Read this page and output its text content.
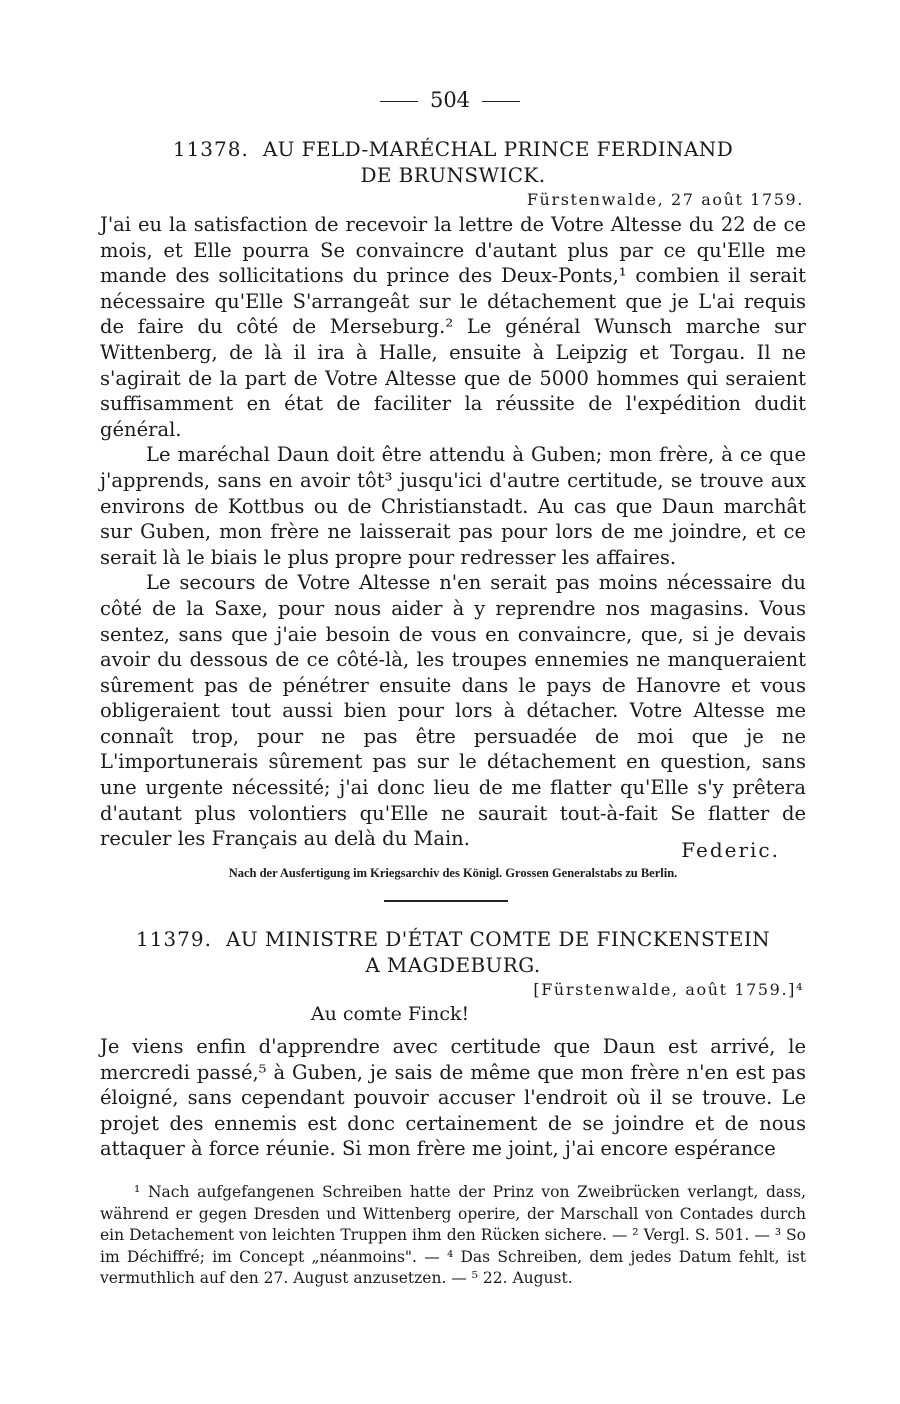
504
11378. AU FELD-MARÉCHAL PRINCE FERDINAND
DE BRUNSWICK.
Fürstenwalde, 27 août 1759.

J'ai eu la satisfaction de recevoir la lettre de Votre Altesse du 22 de ce mois, et Elle pourra Se convaincre d'autant plus par ce qu'Elle me mande des sollicitations du prince des Deux-Ponts,¹ combien il serait nécessaire qu'Elle S'arrangeât sur le détachement que je L'ai requis de faire du côté de Merseburg.² Le général Wunsch marche sur Wittenberg, de là il ira à Halle, ensuite à Leipzig et Torgau. Il ne s'agirait de la part de Votre Altesse que de 5000 hommes qui seraient suffisamment en état de faciliter la réussite de l'expédition dudit général.

Le maréchal Daun doit être attendu à Guben; mon frère, à ce que j'apprends, sans en avoir tôt³ jusqu'ici d'autre certitude, se trouve aux environs de Kottbus ou de Christianstadt. Au cas que Daun marchât sur Guben, mon frère ne laisserait pas pour lors de me joindre, et ce serait là le biais le plus propre pour redresser les affaires.

Le secours de Votre Altesse n'en serait pas moins nécessaire du côté de la Saxe, pour nous aider à y reprendre nos magasins. Vous sentez, sans que j'aie besoin de vous en convaincre, que, si je devais avoir du dessous de ce côté-là, les troupes ennemies ne manqueraient sûrement pas de pénétrer ensuite dans le pays de Hanovre et vous obligeraient tout aussi bien pour lors à détacher. Votre Altesse me connaît trop, pour ne pas être persuadée de moi que je ne L'importunerais sûrement pas sur le détachement en question, sans une urgente nécessité; j'ai donc lieu de me flatter qu'Elle s'y prêtera d'autant plus volontiers qu'Elle ne saurait tout-à-fait Se flatter de reculer les Français au delà du Main.	Federic.
Nach der Ausfertigung im Kriegsarchiv des Königl. Grossen Generalstabs zu Berlin.
11379. AU MINISTRE D'ÉTAT COMTE DE FINCKENSTEIN
A MAGDEBURG.
[Fürstenwalde, août 1759.]⁴
Au comte Finck!

Je viens enfin d'apprendre avec certitude que Daun est arrivé, le mercredi passé,⁵ à Guben, je sais de même que mon frère n'en est pas éloigné, sans cependant pouvoir accuser l'endroit où il se trouve. Le projet des ennemis est donc certainement de se joindre et de nous attaquer à force réunie. Si mon frère me joint, j'ai encore espérance

¹ Nach aufgefangenen Schreiben hatte der Prinz von Zweibrücken verlangt, dass, während er gegen Dresden und Wittenberg operire, der Marschall von Contades durch ein Detachement von leichten Truppen ihm den Rücken sichere. — ² Vergl. S. 501. — ³ So im Déchiffré; im Concept „néanmoins". — ⁴ Das Schreiben, dem jedes Datum fehlt, ist vermuthlich auf den 27. August anzusetzen. — ⁵ 22. August.
